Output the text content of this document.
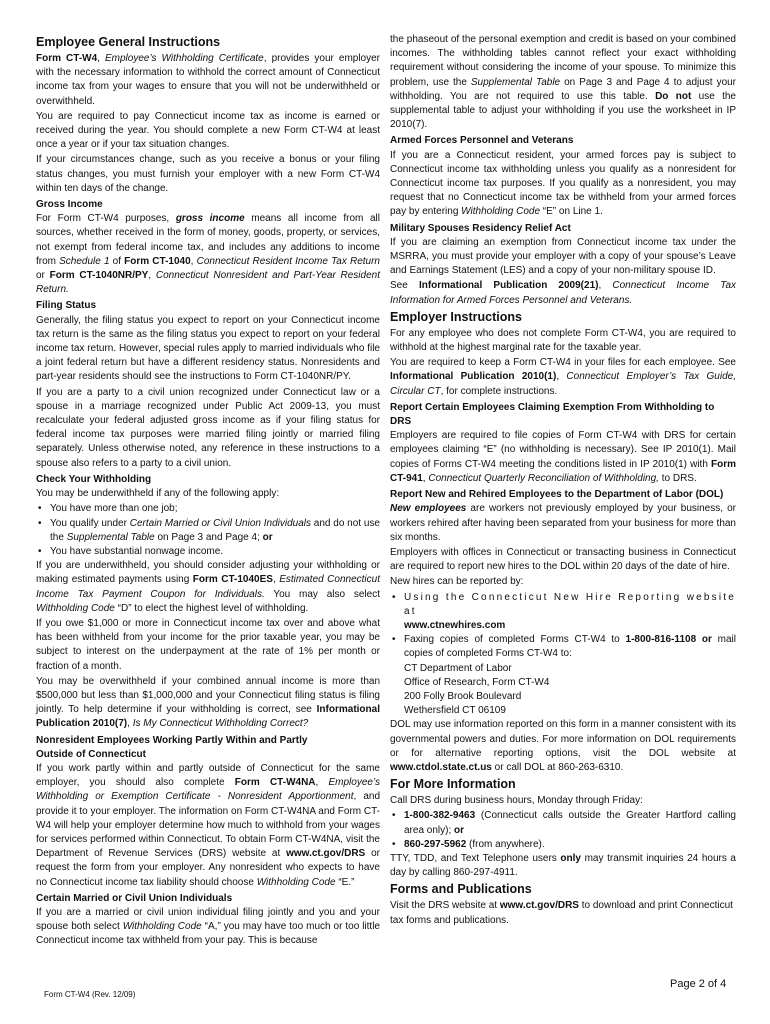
Employee General Instructions

Form CT-W4, Employee’s Withholding Certificate, provides your employer with the necessary information to withhold the correct amount of Connecticut income tax from your wages to ensure that you will not be underwithheld or overwithheld.

You are required to pay Connecticut income tax as income is earned or received during the year. You should complete a new Form CT-W4 at least once a year or if your tax situation changes.

If your circumstances change, such as you receive a bonus or your filing status changes, you must furnish your employer with a new Form CT-W4 within ten days of the change.

Gross Income

For Form CT-W4 purposes, gross income means all income from all sources, whether received in the form of money, goods, property, or services, not exempt from federal income tax, and includes any additions to income from Schedule 1 of Form CT-1040, Connecticut Resident Income Tax Return or Form CT-1040NR/PY, Connecticut Nonresident and Part-Year Resident Return.

Filing Status

Generally, the filing status you expect to report on your Connecticut income tax return is the same as the filing status you expect to report on your federal income tax return. However, special rules apply to married individuals who file a joint federal return but have a different residency status. Nonresidents and part-year residents should see the instructions to Form CT-1040NR/PY.

If you are a party to a civil union recognized under Connecticut law or a spouse in a marriage recognized under Public Act 2009-13, you must recalculate your federal adjusted gross income as if your filing status for federal income tax purposes were married filing jointly or married filing separately. Unless otherwise noted, any reference in these instructions to a spouse also refers to a party to a civil union.

Check Your Withholding

You may be underwithheld if any of the following apply:

• You have more than one job;
• You qualify under Certain Married or Civil Union Individuals and do not use the Supplemental Table on Page 3 and Page 4; or
• You have substantial nonwage income.

If you are underwithheld, you should consider adjusting your withholding or making estimated payments using Form CT-1040ES, Estimated Connecticut Income Tax Payment Coupon for Individuals. You may also select Withholding Code “D” to elect the highest level of withholding.

If you owe $1,000 or more in Connecticut income tax over and above what has been withheld from your income for the prior taxable year, you may be subject to interest on the underpayment at the rate of 1% per month or fraction of a month.

You may be overwithheld if your combined annual income is more than $500,000 but less than $1,000,000 and your Connecticut filing status is filing jointly. To help determine if your withholding is correct, see Informational Publication 2010(7), Is My Connecticut Withholding Correct?

Nonresident Employees Working Partly Within and Partly
Outside of Connecticut

If you work partly within and partly outside of Connecticut for the same employer, you should also complete Form CT-W4NA, Employee’s Withholding or Exemption Certificate - Nonresident Apportionment, and provide it to your employer. The information on Form CT-W4NA and Form CT-W4 will help your employer determine how much to withhold from your wages for services performed within Connecticut. To obtain Form CT-W4NA, visit the Department of Revenue Services (DRS) website at www.ct.gov/DRS or request the form from your employer. Any nonresident who expects to have no Connecticut income tax liability should choose Withholding Code “E.”

Certain Married or Civil Union Individuals

If you are a married or civil union individual filing jointly and you and your spouse both select Withholding Code “A,” you may have too much or too little Connecticut income tax withheld from your pay. This is because

the phaseout of the personal exemption and credit is based on your combined incomes. The withholding tables cannot reflect your exact withholding requirement without considering the income of your spouse. To minimize this problem, use the Supplemental Table on Page 3 and Page 4 to adjust your withholding. You are not required to use this table. Do not use the supplemental table to adjust your withholding if you use the worksheet in IP 2010(7).

Armed Forces Personnel and Veterans

If you are a Connecticut resident, your armed forces pay is subject to Connecticut income tax withholding unless you qualify as a nonresident for Connecticut income tax purposes. If you qualify as a nonresident, you may request that no Connecticut income tax be withheld from your armed forces pay by entering Withholding Code “E” on Line 1.

Military Spouses Residency Relief Act

If you are claiming an exemption from Connecticut income tax under the MSRRA, you must provide your employer with a copy of your spouse’s Leave and Earnings Statement (LES) and a copy of your non-military spouse ID.

See Informational Publication 2009(21), Connecticut Income Tax Information for Armed Forces Personnel and Veterans.

Employer Instructions

For any employee who does not complete Form CT-W4, you are required to withhold at the highest marginal rate for the taxable year.

You are required to keep a Form CT-W4 in your files for each employee. See Informational Publication 2010(1), Connecticut Employer’s Tax Guide, Circular CT, for complete instructions.

Report Certain Employees Claiming Exemption From Withholding to DRS

Employers are required to file copies of Form CT-W4 with DRS for certain employees claiming “E” (no withholding is necessary). See IP 2010(1). Mail copies of Forms CT-W4 meeting the conditions listed in IP 2010(1) with Form CT-941, Connecticut Quarterly Reconciliation of Withholding, to DRS.

Report New and Rehired Employees to the Department of Labor (DOL)

New employees are workers not previously employed by your business, or workers rehired after having been separated from your business for more than six months.

Employers with offices in Connecticut or transacting business in Connecticut are required to report new hires to the DOL within 20 days of the date of hire.

New hires can be reported by:

• Using the Connecticut New Hire Reporting website at
www.ctnewhires.com
• Faxing copies of completed Forms CT-W4 to 1-800-816-1108 or mail copies of completed Forms CT-W4 to:
CT Department of Labor
Office of Research, Form CT-W4
200 Folly Brook Boulevard
Wethersfield CT 06109

DOL may use information reported on this form in a manner consistent with its governmental powers and duties. For more information on DOL requirements or for alternative reporting options, visit the DOL website at www.ctdol.state.ct.us or call DOL at 860-263-6310.

For More Information

Call DRS during business hours, Monday through Friday:

• 1-800-382-9463 (Connecticut calls outside the Greater Hartford calling area only); or
• 860-297-5962 (from anywhere).

TTY, TDD, and Text Telephone users only may transmit inquiries 24 hours a day by calling 860-297-4911.

Forms and Publications

Visit the DRS website at www.ct.gov/DRS to download and print Connecticut tax forms and publications.

Form CT-W4 (Rev. 12/09)
Page 2 of 4
